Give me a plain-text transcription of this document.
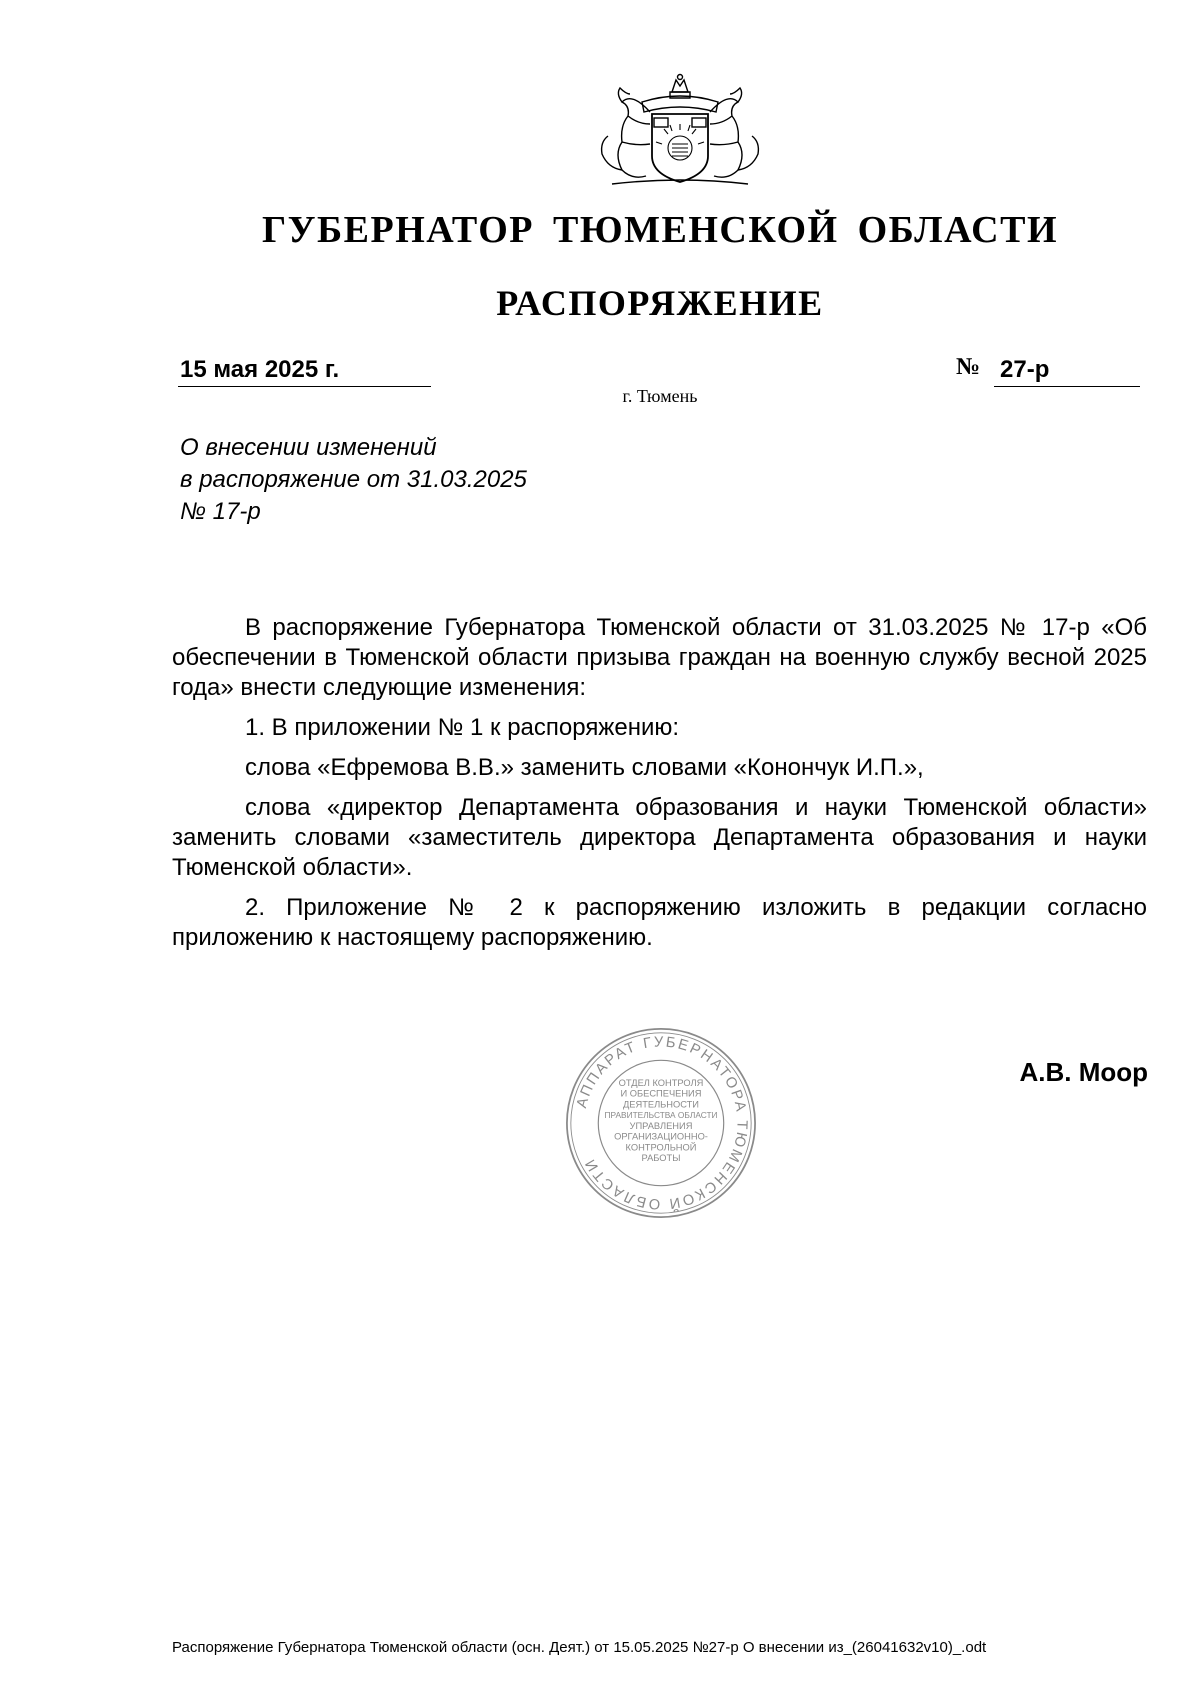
ГУБЕРНАТОР ТЮМЕНСКОЙ ОБЛАСТИ
РАСПОРЯЖЕНИЕ
15 мая 2025 г.	№ 27-р
г. Тюмень
О внесении изменений
в распоряжение от 31.03.2025
№ 17-р

В распоряжение Губернатора Тюменской области от 31.03.2025 № 17-р «Об обеспечении в Тюменской области призыва граждан на военную службу весной 2025 года» внести следующие изменения:

1. В приложении № 1 к распоряжению:

слова «Ефремова В.В.» заменить словами «Конончук И.П.»,

слова «директор Департамента образования и науки Тюменской области» заменить словами «заместитель директора Департамента образования и науки Тюменской области».

2. Приложение № 2 к распоряжению изложить в редакции согласно приложению к настоящему распоряжению.

АППАРАТ ГУБЕРНАТОРА ТЮМЕНСКОЙ ОБЛАСТИ
ОТДЕЛ КОНТРОЛЯ
И ОБЕСПЕЧЕНИЯ
ДЕЯТЕЛЬНОСТИ
ПРАВИТЕЛЬСТВА ОБЛАСТИ
УПРАВЛЕНИЯ
ОРГАНИЗАЦИОННО-
КОНТРОЛЬНОЙ
РАБОТЫ
А.В. Моор
Распоряжение Губернатора Тюменской области (осн. Деят.) от 15.05.2025 №27-р О внесении из_(26041632v10)_.odt
